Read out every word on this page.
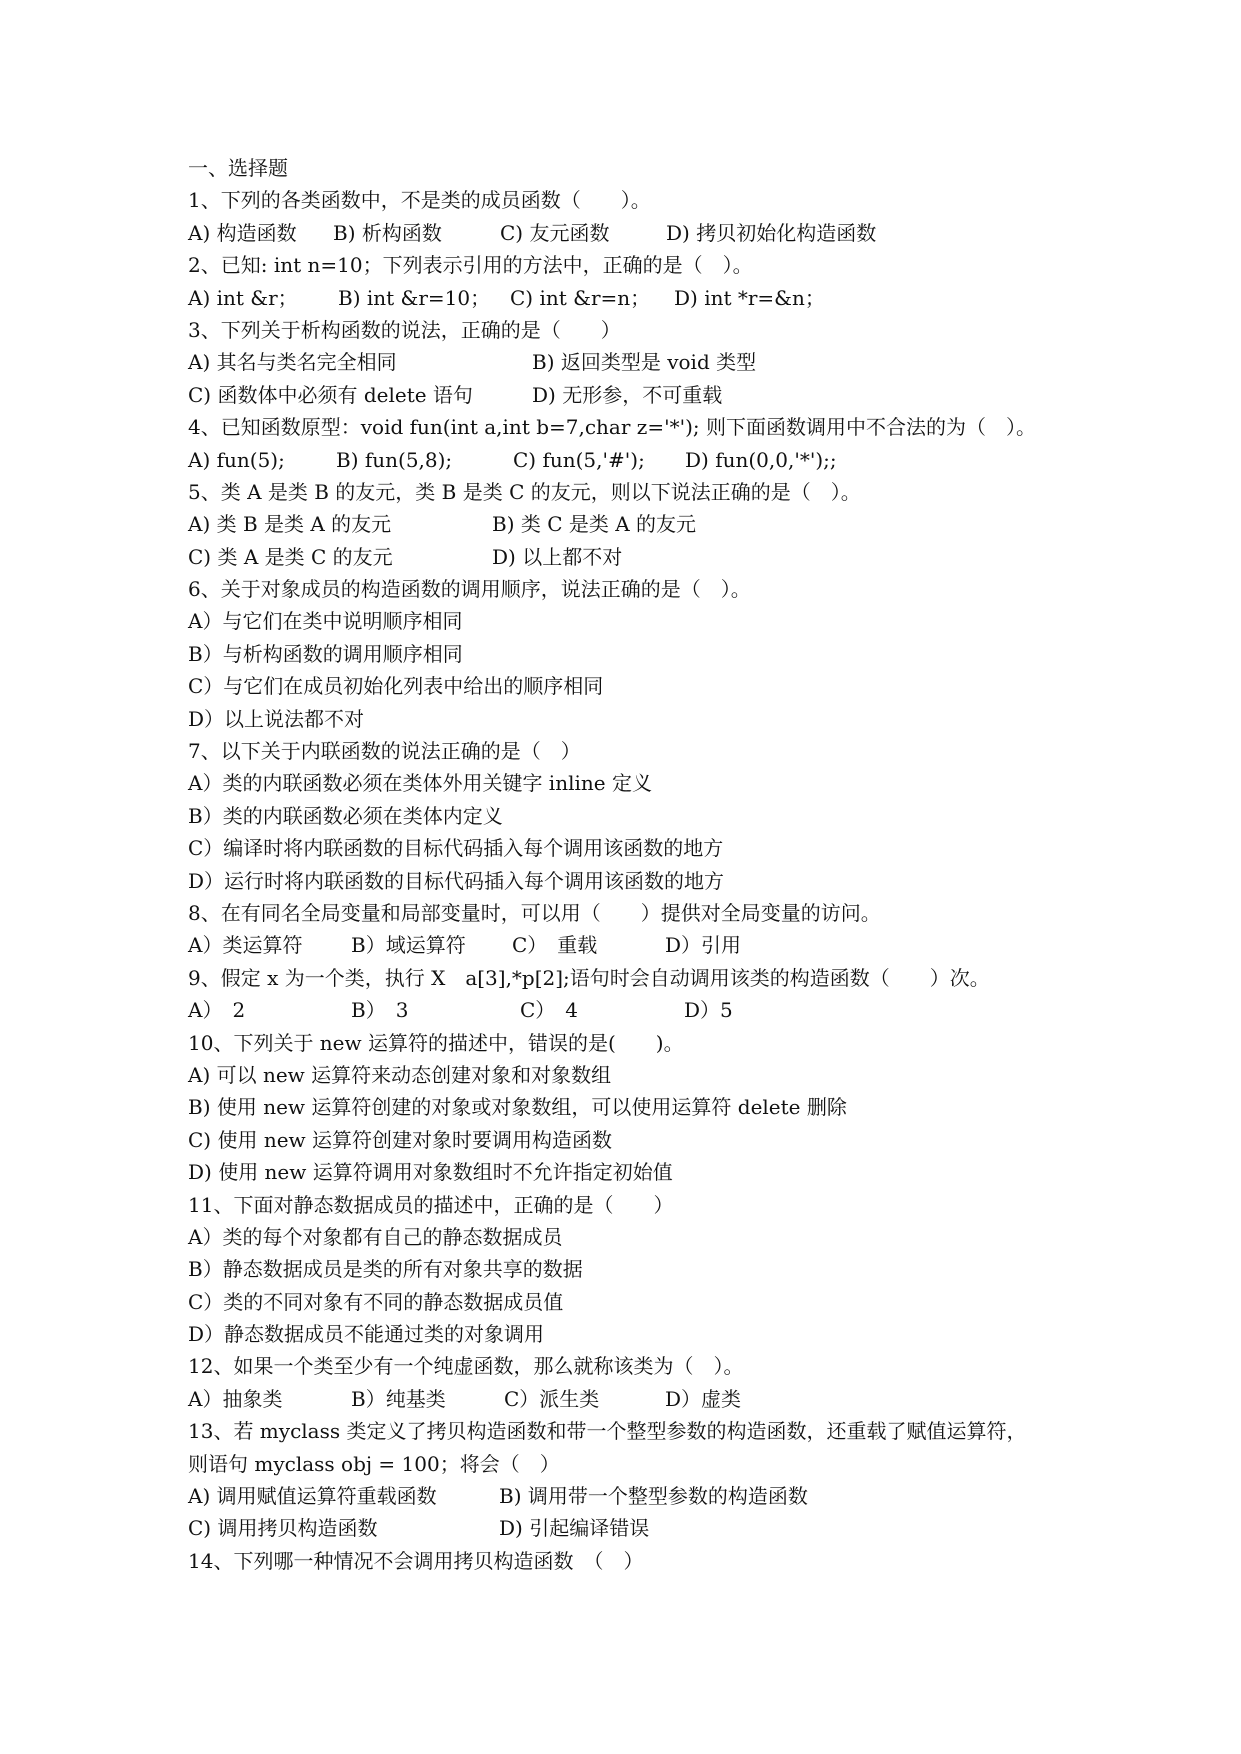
一、选择题
1、下列的各类函数中，不是类的成员函数（　　）。
A) 构造函数 B) 析构函数	C) 友元函数	D) 拷贝初始化构造函数
2、已知: int n=10；下列表示引用的方法中，正确的是（　）。
A) int &r； B) int &r=10； C) int &r=n； D) int *r=&n；
3、下列关于析构函数的说法，正确的是（　　）
A) 其名与类名完全相同	B) 返回类型是 void 类型
C) 函数体中必须有 delete 语句	D) 无形参，不可重载
4、已知函数原型：void fun(int a,int b=7,char z='*'); 则下面函数调用中不合法的为（　）。
A) fun(5);	B) fun(5,8);	C) fun(5,'#'); D) fun(0,0,'*');;
5、类 A 是类 B 的友元，类 B 是类 C 的友元，则以下说法正确的是（　）。
A) 类 B 是类 A 的友元	B) 类 C 是类 A 的友元
C) 类 A 是类 C 的友元	D) 以上都不对
6、关于对象成员的构造函数的调用顺序，说法正确的是（　）。
A）与它们在类中说明顺序相同
B）与析构函数的调用顺序相同
C）与它们在成员初始化列表中给出的顺序相同
D）以上说法都不对
7、以下关于内联函数的说法正确的是（　）
A）类的内联函数必须在类体外用关键字 inline 定义
B）类的内联函数必须在类体内定义
C）编译时将内联函数的目标代码插入每个调用该函数的地方
D）运行时将内联函数的目标代码插入每个调用该函数的地方
8、在有同名全局变量和局部变量时，可以用（　　）提供对全局变量的访问。
A）类运算符 B）域运算符 C）　重载	D）引用
9、假定 x 为一个类，执行 X　a[3],*p[2];语句时会自动调用该类的构造函数（　　）次。
A）　2	B）　3	C）　4	D）5
10、下列关于 new 运算符的描述中，错误的是(　　)。
A) 可以 new 运算符来动态创建对象和对象数组
B) 使用 new 运算符创建的对象或对象数组，可以使用运算符 delete 删除
C) 使用 new 运算符创建对象时要调用构造函数
D) 使用 new 运算符调用对象数组时不允许指定初始值
11、下面对静态数据成员的描述中，正确的是（　　）
A）类的每个对象都有自己的静态数据成员
B）静态数据成员是类的所有对象共享的数据
C）类的不同对象有不同的静态数据成员值
D）静态数据成员不能通过类的对象调用
12、如果一个类至少有一个纯虚函数，那么就称该类为（　）。
A）抽象类	B）纯基类	C）派生类	D）虚类
13、若 myclass 类定义了拷贝构造函数和带一个整型参数的构造函数，还重载了赋值运算符，
则语句 myclass obj = 100；将会（　）
A) 调用赋值运算符重载函数	B) 调用带一个整型参数的构造函数
C) 调用拷贝构造函数	D) 引起编译错误
14、下列哪一种情况不会调用拷贝构造函数　（　）
